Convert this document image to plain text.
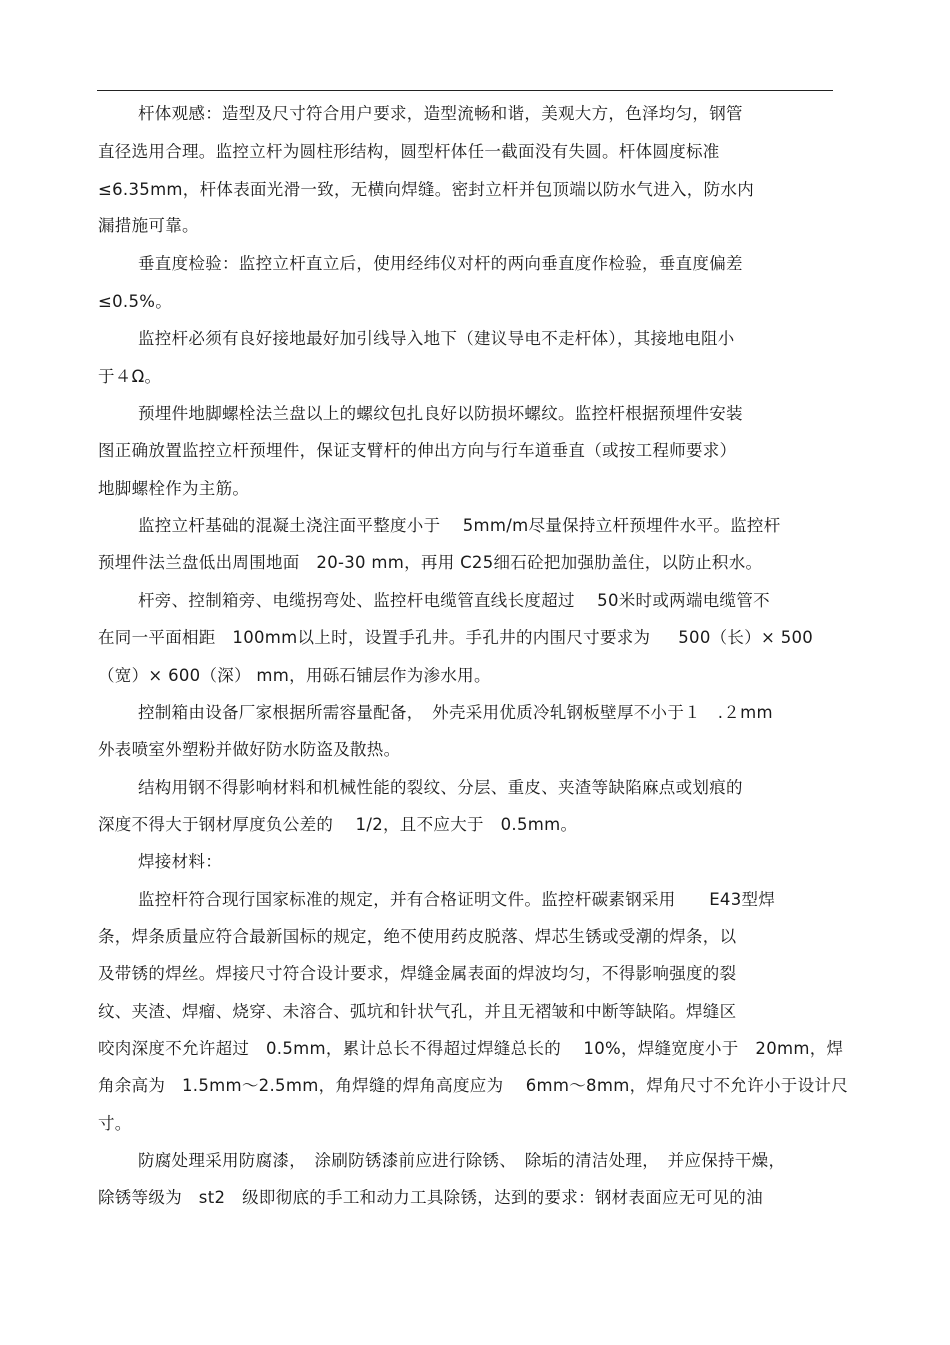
杆体观感：造型及尺寸符合用户要求，造型流畅和谐，美观大方，色泽均匀，钢管
直径选用合理。监控立杆为圆柱形结构，圆型杆体任一截面没有失圆。杆体圆度标准
≤6.35mm，杆体表面光滑一致，无横向焊缝。密封立杆并包顶端以防水气进入，防水内
漏措施可靠。
垂直度检验：监控立杆直立后，使用经纬仪对杆的两向垂直度作检验，垂直度偏差
≤0.5%。
监控杆必须有良好接地最好加引线导入地下（建议导电不走杆体），其接地电阻小
于４Ω。
预埋件地脚螺栓法兰盘以上的螺纹包扎良好以防损坏螺纹。监控杆根据预埋件安装
图正确放置监控立杆预埋件，保证支臂杆的伸出方向与行车道垂直（或按工程师要求）
地脚螺栓作为主筋。
监控立杆基础的混凝土浇注面平整度小于　 5mm/m尽量保持立杆预埋件水平。监控杆
预埋件法兰盘低出周围地面　20-30 mm，再用 C25细石砼把加强肋盖住，以防止积水。
杆旁、控制箱旁、电缆拐弯处、监控杆电缆管直线长度超过　 50米时或两端电缆管不
在同一平面相距　100mm以上时，设置手孔井。手孔井的内围尺寸要求为　  500（长）× 500
（宽）× 600（深） mm，用砾石铺层作为渗水用。
控制箱由设备厂家根据所需容量配备，　外壳采用优质冷轧钢板壁厚不小于１　.２mm
外表喷室外塑粉并做好防水防盗及散热。
结构用钢不得影响材料和机械性能的裂纹、分层、重皮、夹渣等缺陷麻点或划痕的
深度不得大于钢材厚度负公差的　 1/2，且不应大于　0.5mm。
焊接材料：
监控杆符合现行国家标准的规定，并有合格证明文件。监控杆碳素钢采用　　E43型焊
条，焊条质量应符合最新国标的规定，绝不使用药皮脱落、焊芯生锈或受潮的焊条，以
及带锈的焊丝。焊接尺寸符合设计要求，焊缝金属表面的焊波均匀，不得影响强度的裂
纹、夹渣、焊瘤、烧穿、未溶合、弧坑和针状气孔，并且无褶皱和中断等缺陷。焊缝区
咬肉深度不允许超过　0.5mm，累计总长不得超过焊缝总长的　 10%，焊缝宽度小于　20mm，焊
角余高为　1.5mm～2.5mm，角焊缝的焊角高度应为　 6mm～8mm，焊角尺寸不允许小于设计尺
寸。
防腐处理采用防腐漆，　涂刷防锈漆前应进行除锈、　除垢的清洁处理，　并应保持干燥，
除锈等级为　st2　级即彻底的手工和动力工具除锈，达到的要求：钢材表面应无可见的油
